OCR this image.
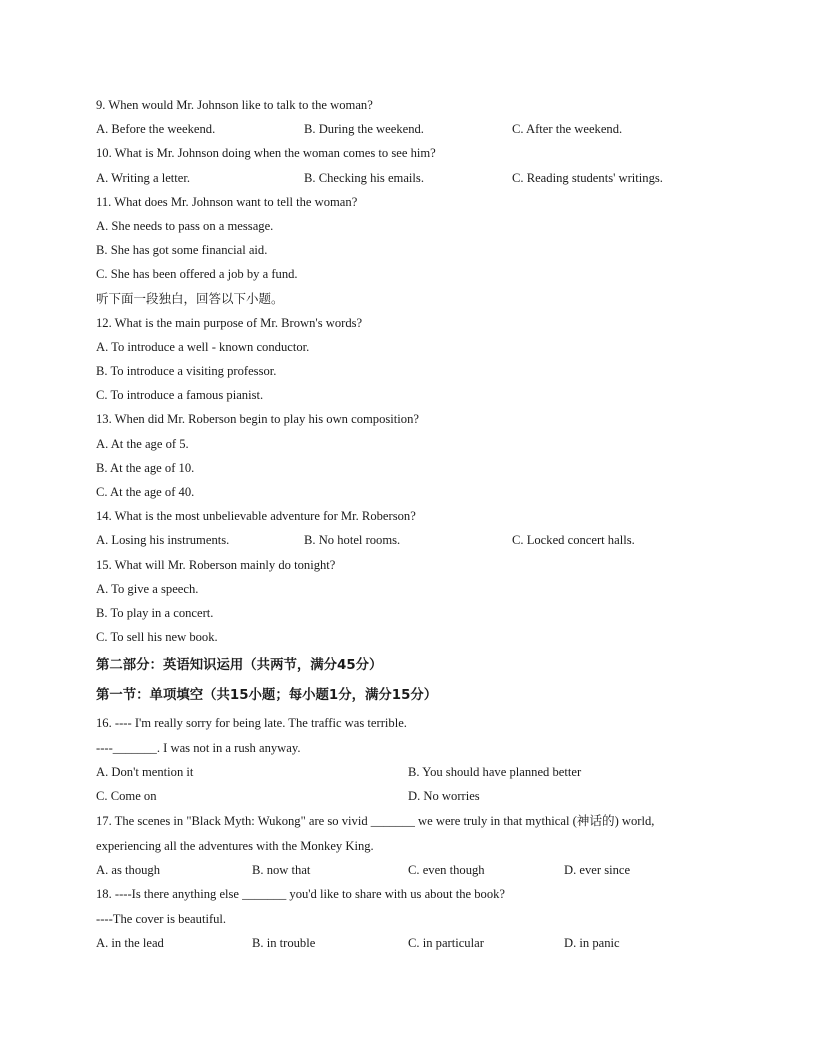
9. When would Mr. Johnson like to talk to the woman?
A. Before the weekend.	B. During the weekend.	C. After the weekend.
10. What is Mr. Johnson doing when the woman comes to see him?
A. Writing a letter.	B. Checking his emails.	C. Reading students' writings.
11. What does Mr. Johnson want to tell the woman?
A. She needs to pass on a message.
B. She has got some financial aid.
C. She has been offered a job by a fund.
听下面一段独白，回答以下小题。
12. What is the main purpose of Mr. Brown's words?
A. To introduce a well - known conductor.
B. To introduce a visiting professor.
C. To introduce a famous pianist.
13. When did Mr. Roberson begin to play his own composition?
A. At the age of 5.
B. At the age of 10.
C. At the age of 40.
14. What is the most unbelievable adventure for Mr. Roberson?
A. Losing his instruments.	B. No hotel rooms.	C. Locked concert halls.
15. What will Mr. Roberson mainly do tonight?
A. To give a speech.
B. To play in a concert.
C. To sell his new book.
第二部分：英语知识运用（共两节，满分45分）
第一节：单项填空（共15小题；每小题1分，满分15分）
16. ---- I'm really sorry for being late. The traffic was terrible.
----_______. I was not in a rush anyway.
A. Don't mention it	B. You should have planned better
C. Come on	D. No worries
17. The scenes in "Black Myth: Wukong" are so vivid _______ we were truly in that mythical (神话的) world,
experiencing all the adventures with the Monkey King.
A. as though	B. now that	C. even though	D. ever since
18. ----Is there anything else _______ you'd like to share with us about the book?
----The cover is beautiful.
A. in the lead	B. in trouble	C. in particular	D. in panic
